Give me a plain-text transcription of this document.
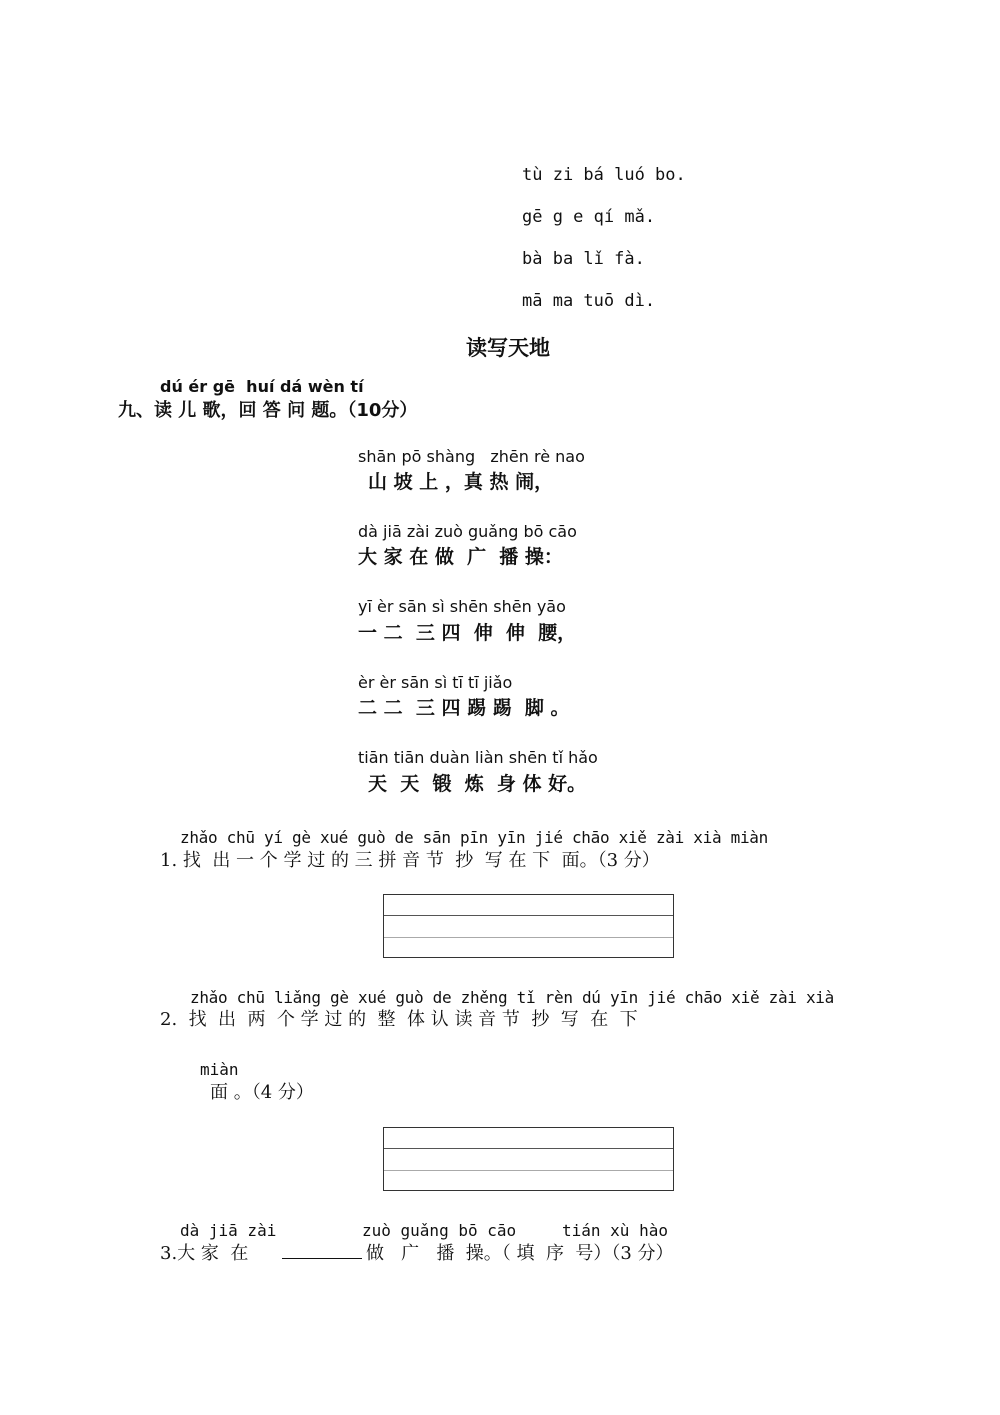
tù zi bá luó bo.
gē g e qí mǎ.
bà ba lǐ fà.
mā ma tuō dì.
读写天地
dú ér gē  huí dá wèn tí
九、读 儿 歌，回 答 问 题。（10分）
shān pō shàng   zhēn rè nao
山 坡 上 ，真 热 闹，
dà jiā zài zuò guǎng bō cāo
大 家 在 做  广  播 操：
yī èr sān sì shēn shēn yāo
一 二  三 四  伸  伸  腰，
èr èr sān sì tī tī jiǎo
二 二  三 四 踢 踢  脚 。
tiān tiān duàn liàn shēn tǐ hǎo
天  天  锻  炼  身 体 好。
zhǎo chū yí gè xué guò de sān pīn yīn jié chāo xiě zài xià miàn
1. 找  出 一 个 学 过 的 三 拼 音 节  抄  写 在 下  面。（3 分）
zhǎo chū liǎng gè xué guò de zhěng tǐ rèn dú yīn jié chāo xiě zài xià
2.  找  出  两  个 学 过 的  整  体 认 读 音 节  抄  写  在  下
miàn
面 。（4 分）
dà jiā zài	zuò guǎng bō cāo	tián xù hào
3.大 家  在	做   广   播  操。（ 填  序  号）（3 分）
